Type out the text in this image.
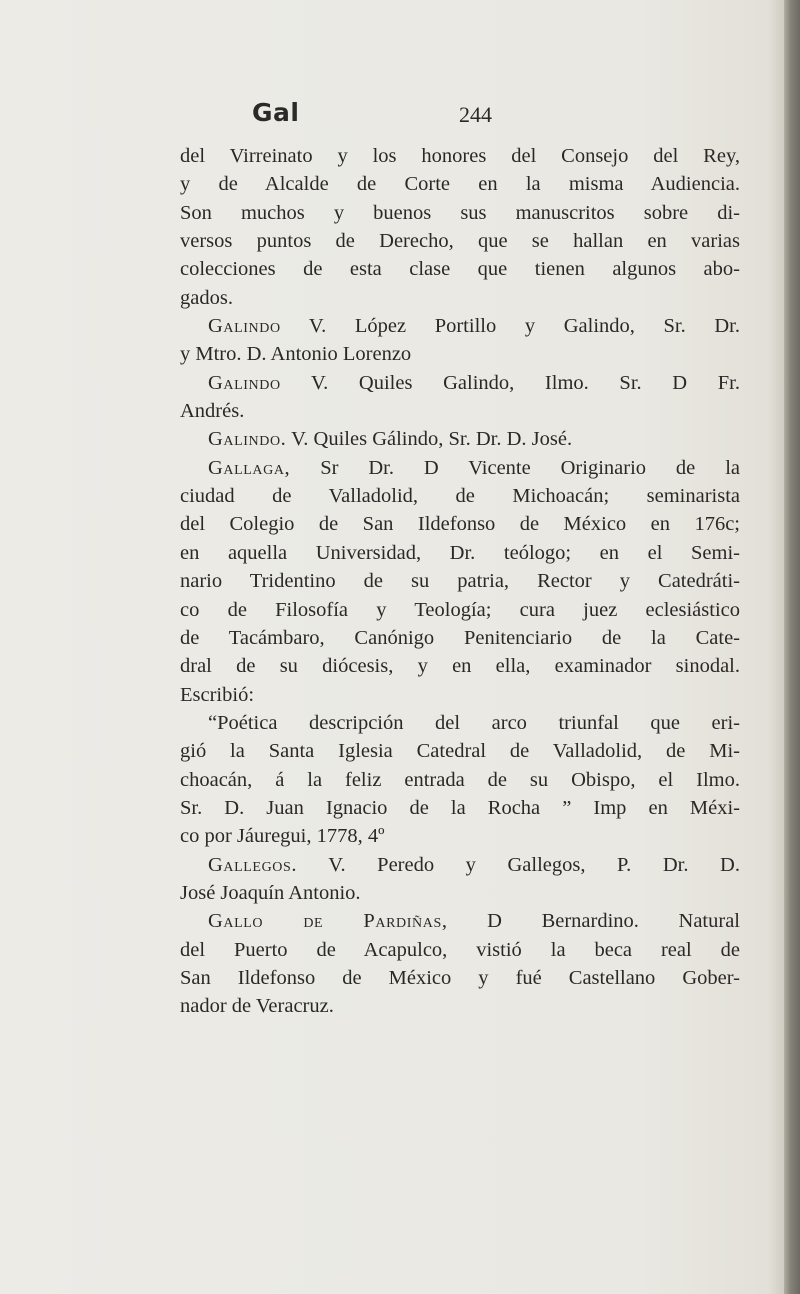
Gal	244
del Virreinato y los honores del Consejo del Rey,
y de Alcalde de Corte en la misma Audiencia.
Son muchos y buenos sus manuscritos sobre di-
versos puntos de Derecho, que se hallan en varias
colecciones de esta clase que tienen algunos abo-
gados.
Galindo V. López Portillo y Galindo, Sr. Dr.
y Mtro. D. Antonio Lorenzo
Galindo V. Quiles Galindo, Ilmo. Sr. D Fr.
Andrés.
Galindo. V. Quiles Gálindo, Sr. Dr. D. José.
Gallaga, Sr Dr. D Vicente Originario de la
ciudad de Valladolid, de Michoacán; seminarista
del Colegio de San Ildefonso de México en 176c;
en aquella Universidad, Dr. teólogo; en el Semi-
nario Tridentino de su patria, Rector y Catedráti-
co de Filosofía y Teología; cura juez eclesiástico
de Tacámbaro, Canónigo Penitenciario de la Cate-
dral de su diócesis, y en ella, examinador sinodal.
Escribió:
“Poética descripción del arco triunfal que eri-
gió la Santa Iglesia Catedral de Valladolid, de Mi-
choacán, á la feliz entrada de su Obispo, el Ilmo.
Sr. D. Juan Ignacio de la Rocha ” Imp en Méxi-
co por Jáuregui, 1778, 4º
Gallegos. V. Peredo y Gallegos, P. Dr. D.
José Joaquín Antonio.
Gallo de Pardiñas, D Bernardino. Natural
del Puerto de Acapulco, vistió la beca real de
San Ildefonso de México y fué Castellano Gober-
nador de Veracruz.
